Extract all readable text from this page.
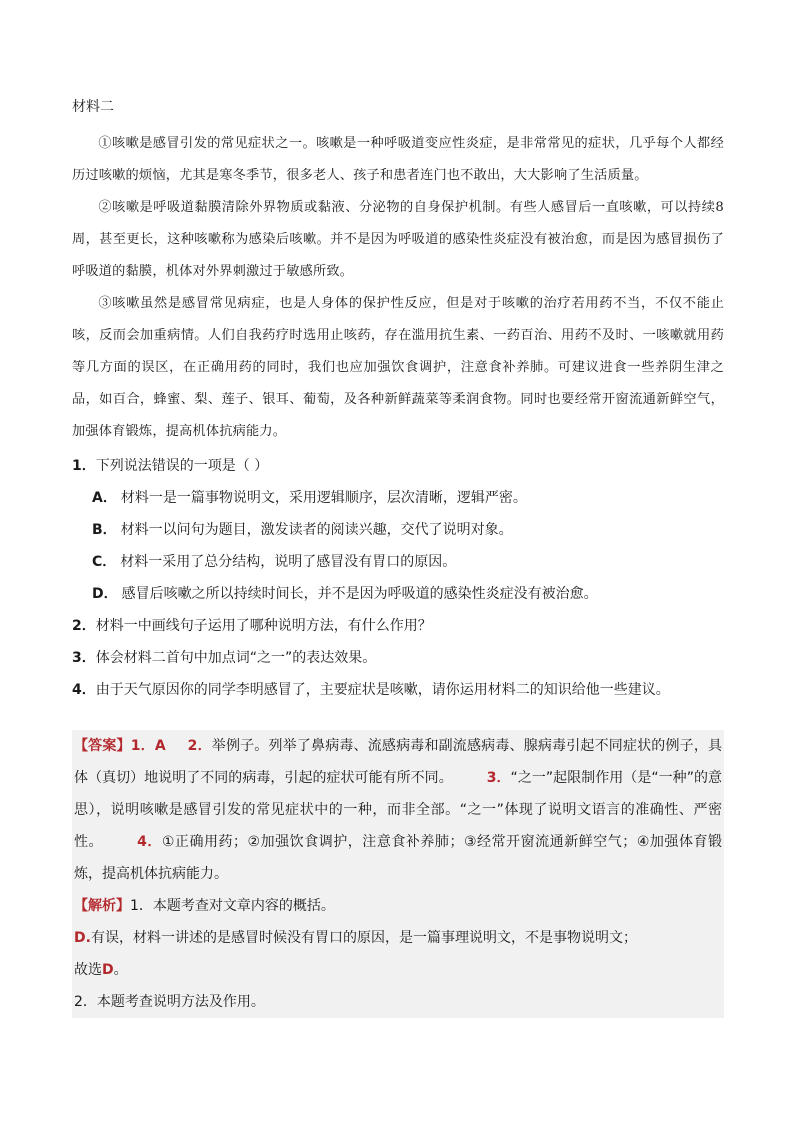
材料二

①咳嗽是感冒引发的常见症状之一。咳嗽是一种呼吸道变应性炎症，是非常常见的症状，几乎每个人都经历过咳嗽的烦恼，尤其是寒冬季节，很多老人、孩子和患者连门也不敢出，大大影响了生活质量。

②咳嗽是呼吸道黏膜清除外界物质或黏液、分泌物的自身保护机制。有些人感冒后一直咳嗽，可以持续8周，甚至更长，这种咳嗽称为感染后咳嗽。并不是因为呼吸道的感染性炎症没有被治愈，而是因为感冒损伤了呼吸道的黏膜，机体对外界刺激过于敏感所致。

③咳嗽虽然是感冒常见病症，也是人身体的保护性反应，但是对于咳嗽的治疗若用药不当，不仅不能止咳，反而会加重病情。人们自我药疗时选用止咳药，存在滥用抗生素、一药百治、用药不及时、一咳嗽就用药等几方面的误区，在正确用药的同时，我们也应加强饮食调护，注意食补养肺。可建议进食一些养阴生津之品，如百合，蜂蜜、梨、莲子、银耳、葡萄，及各种新鲜蔬菜等柔润食物。同时也要经常开窗流通新鲜空气，加强体育锻炼，提高机体抗病能力。

1．下列说法错误的一项是（ ）

A． 材料一是一篇事物说明文，采用逻辑顺序，层次清晰，逻辑严密。

B． 材料一以问句为题目，激发读者的阅读兴趣，交代了说明对象。

C． 材料一采用了总分结构，说明了感冒没有胃口的原因。

D． 感冒后咳嗽之所以持续时间长，并不是因为呼吸道的感染性炎症没有被治愈。

2．材料一中画线句子运用了哪种说明方法，有什么作用？

3．体会材料二首句中加点词“之一”的表达效果。

4．由于天气原因你的同学李明感冒了，主要症状是咳嗽，请你运用材料二的知识给他一些建议。

【答案】1．A 2．举例子。列举了鼻病毒、流感病毒和副流感病毒、腺病毒引起不同症状的例子，具体（真切）地说明了不同的病毒，引起的症状可能有所不同。 3．“之一”起限制作用（是“一种”的意思），说明咳嗽是感冒引发的常见症状中的一种，而非全部。“之一”体现了说明文语言的准确性、严密性。 4．①正确用药；②加强饮食调护，注意食补养肺；③经常开窗流通新鲜空气；④加强体育锻炼，提高机体抗病能力。

【解析】1．本题考查对文章内容的概括。

D.有误，材料一讲述的是感冒时候没有胃口的原因，是一篇事理说明文，不是事物说明文；

故选D。

2．本题考查说明方法及作用。
